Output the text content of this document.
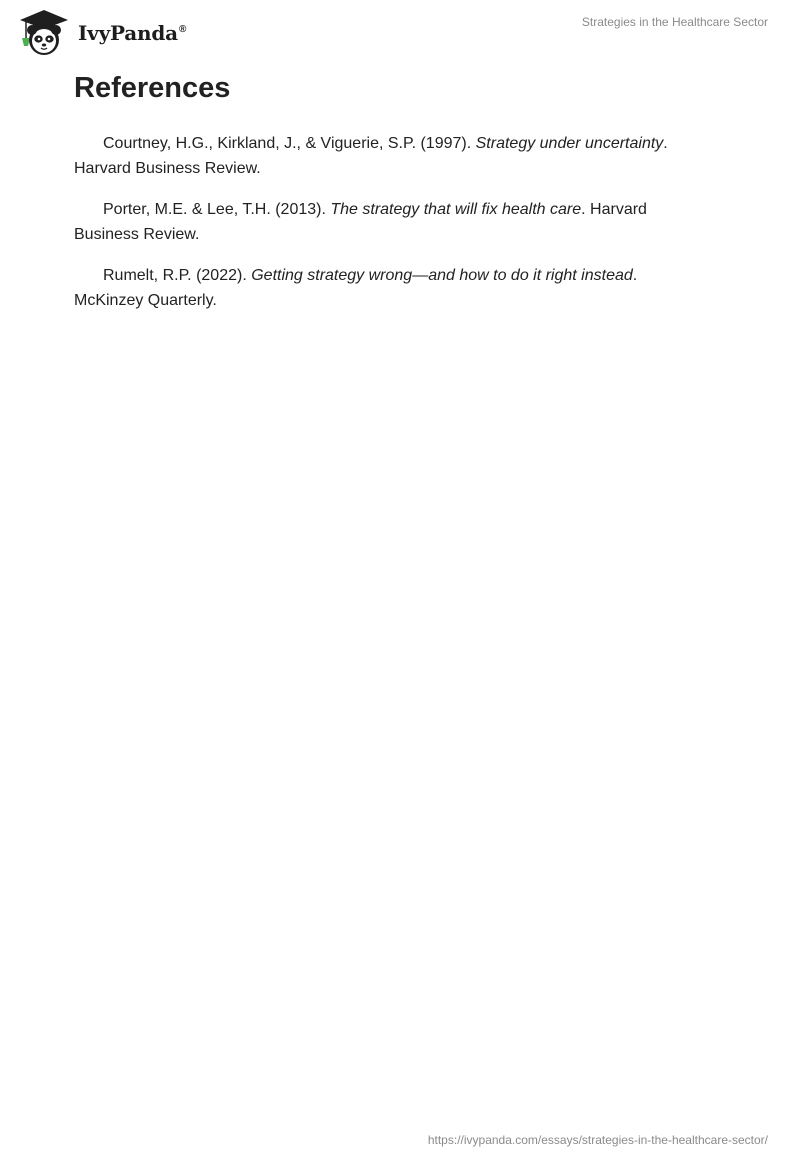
IvyPanda®
Strategies in the Healthcare Sector
References

Courtney, H.G., Kirkland, J., & Viguerie, S.P. (1997). Strategy under uncertainty. Harvard Business Review.

Porter, M.E. & Lee, T.H. (2013). The strategy that will fix health care. Harvard Business Review.

Rumelt, R.P. (2022). Getting strategy wrong—and how to do it right instead. McKinzey Quarterly.

https://ivypanda.com/essays/strategies-in-the-healthcare-sector/
